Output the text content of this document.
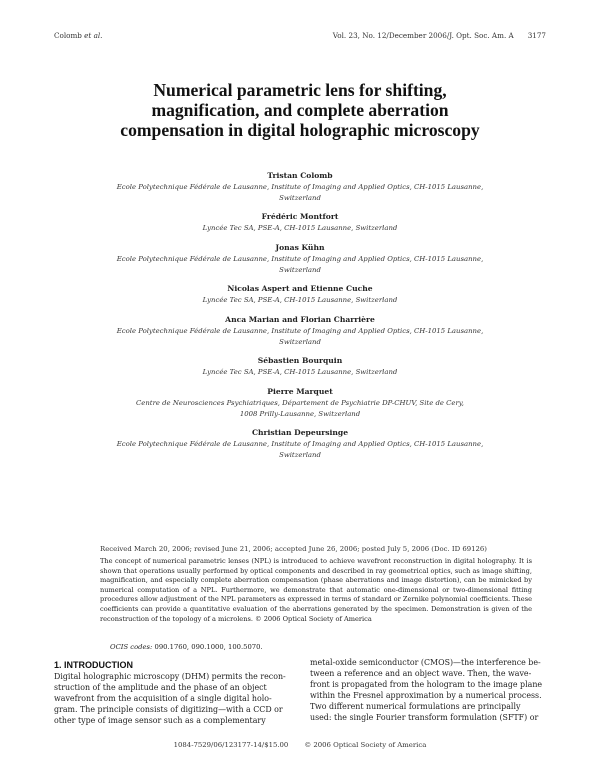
Colomb et al.	Vol. 23, No. 12/December 2006/J. Opt. Soc. Am. A 3177
Numerical parametric lens for shifting,
magnification, and complete aberration
compensation in digital holographic microscopy
Tristan Colomb
Ecole Polytechnique Fédérale de Lausanne, Institute of Imaging and Applied Optics, CH-1015 Lausanne,
Switzerland
Frédéric Montfort
Lyncée Tec SA, PSE-A, CH-1015 Lausanne, Switzerland
Jonas Kühn
Ecole Polytechnique Fédérale de Lausanne, Institute of Imaging and Applied Optics, CH-1015 Lausanne,
Switzerland
Nicolas Aspert and Etienne Cuche
Lyncée Tec SA, PSE-A, CH-1015 Lausanne, Switzerland
Anca Marian and Florian Charrière
Ecole Polytechnique Fédérale de Lausanne, Institute of Imaging and Applied Optics, CH-1015 Lausanne,
Switzerland
Sébastien Bourquin
Lyncée Tec SA, PSE-A, CH-1015 Lausanne, Switzerland
Pierre Marquet
Centre de Neurosciences Psychiatriques, Département de Psychiatrie DP-CHUV, Site de Cery,
1008 Prilly-Lausanne, Switzerland
Christian Depeursinge
Ecole Polytechnique Fédérale de Lausanne, Institute of Imaging and Applied Optics, CH-1015 Lausanne,
Switzerland
Received March 20, 2006; revised June 21, 2006; accepted June 26, 2006; posted July 5, 2006 (Doc. ID 69126)
The concept of numerical parametric lenses (NPL) is introduced to achieve wavefront reconstruction in digital holography. It is shown that operations usually performed by optical components and described in ray geometrical optics, such as image shifting, magnification, and especially complete aberration compensation (phase aberrations and image distortion), can be mimicked by numerical computation of a NPL. Furthermore, we demonstrate that automatic one-dimensional or two-dimensional fitting procedures allow adjustment of the NPL parameters as expressed in terms of standard or Zernike polynomial coefficients. These coefficients can provide a quantitative evaluation of the aberrations generated by the specimen. Demonstration is given of the reconstruction of the topology of a microlens. © 2006 Optical Society of America
OCIS codes: 090.1760, 090.1000, 100.5070.
1. INTRODUCTION
Digital holographic microscopy (DHM) permits the recon-
struction of the amplitude and the phase of an object
wavefront from the acquisition of a single digital holo-
gram. The principle consists of digitizing—with a CCD or
other type of image sensor such as a complementary
metal-oxide semiconductor (CMOS)—the interference be-
tween a reference and an object wave. Then, the wave-
front is propagated from the hologram to the image plane
within the Fresnel approximation by a numerical process.
Two different numerical formulations are principally
used: the single Fourier transform formulation (SFTF) or
1084-7529/06/123177-14/$15.00 © 2006 Optical Society of America
